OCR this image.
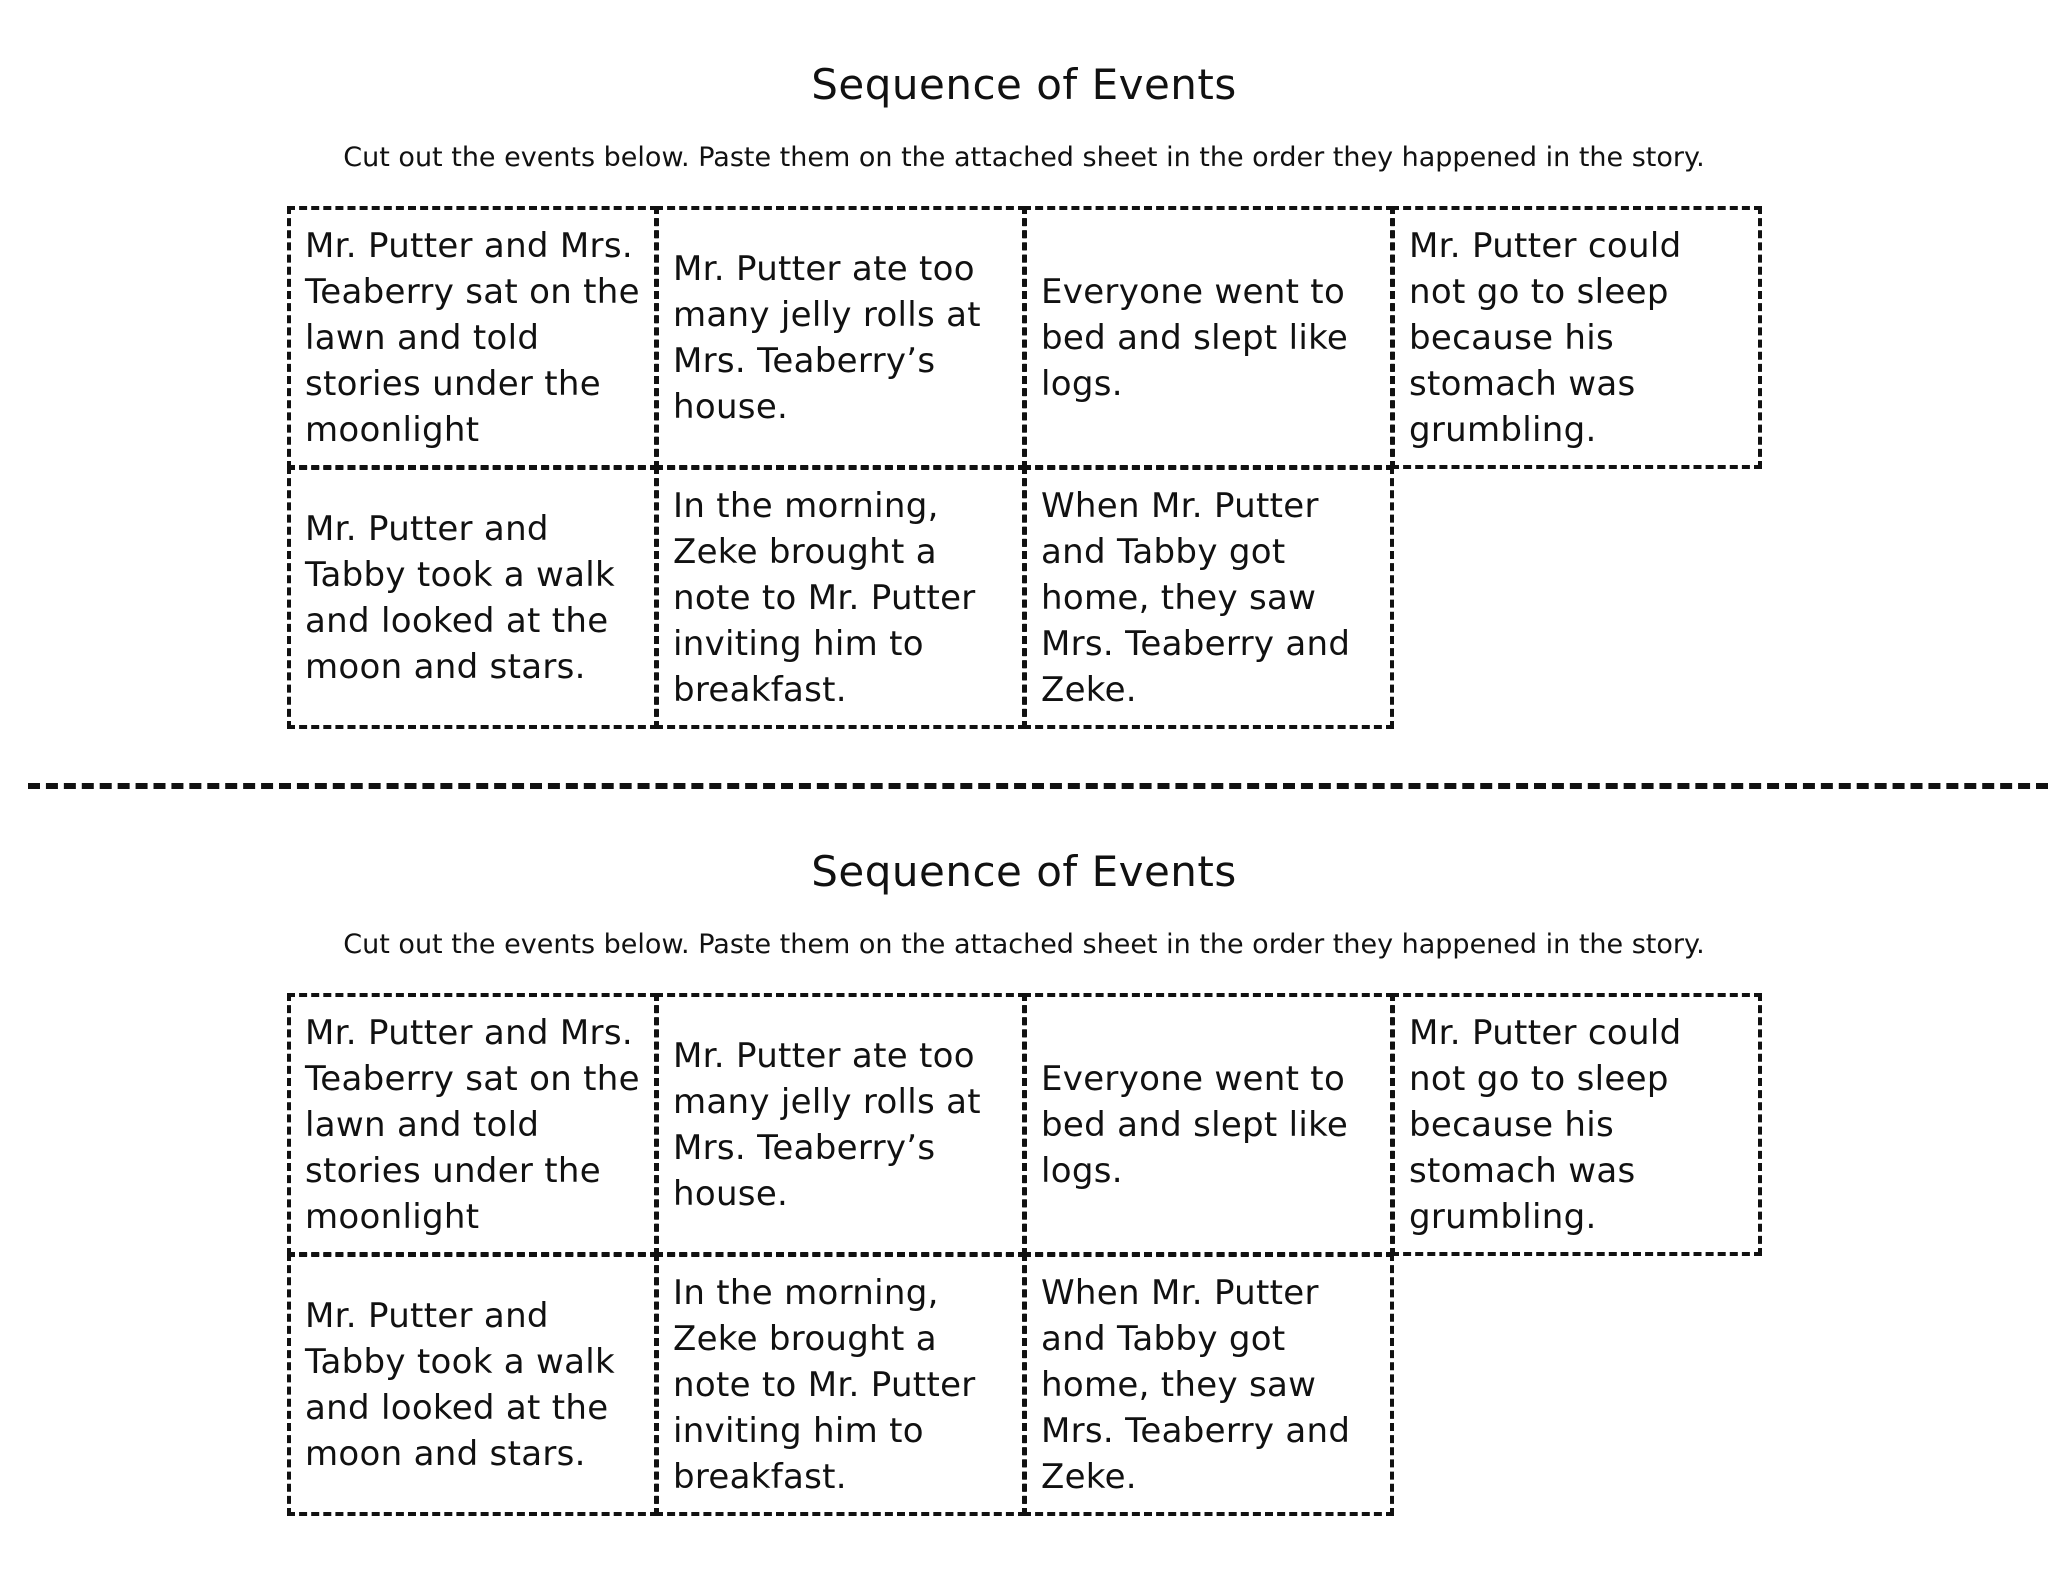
Sequence of Events

Cut out the events below. Paste them on the attached sheet in the order they happened in the story.

Mr. Putter and Mrs. Teaberry sat on the lawn and told stories under the moonlight

Mr. Putter ate too many jelly rolls at Mrs. Teaberry’s house.

Everyone went to bed and slept like logs.

Mr. Putter could not go to sleep because his stomach was grumbling.

Mr. Putter and Tabby took a walk and looked at the moon and stars.

In the morning, Zeke brought a note to Mr. Putter inviting him to breakfast.

When Mr. Putter and Tabby got home, they saw Mrs. Teaberry and Zeke.

Sequence of Events

Cut out the events below. Paste them on the attached sheet in the order they happened in the story.

Mr. Putter and Mrs. Teaberry sat on the lawn and told stories under the moonlight

Mr. Putter ate too many jelly rolls at Mrs. Teaberry’s house.

Everyone went to bed and slept like logs.

Mr. Putter could not go to sleep because his stomach was grumbling.

Mr. Putter and Tabby took a walk and looked at the moon and stars.

In the morning, Zeke brought a note to Mr. Putter inviting him to breakfast.

When Mr. Putter and Tabby got home, they saw Mrs. Teaberry and Zeke.
